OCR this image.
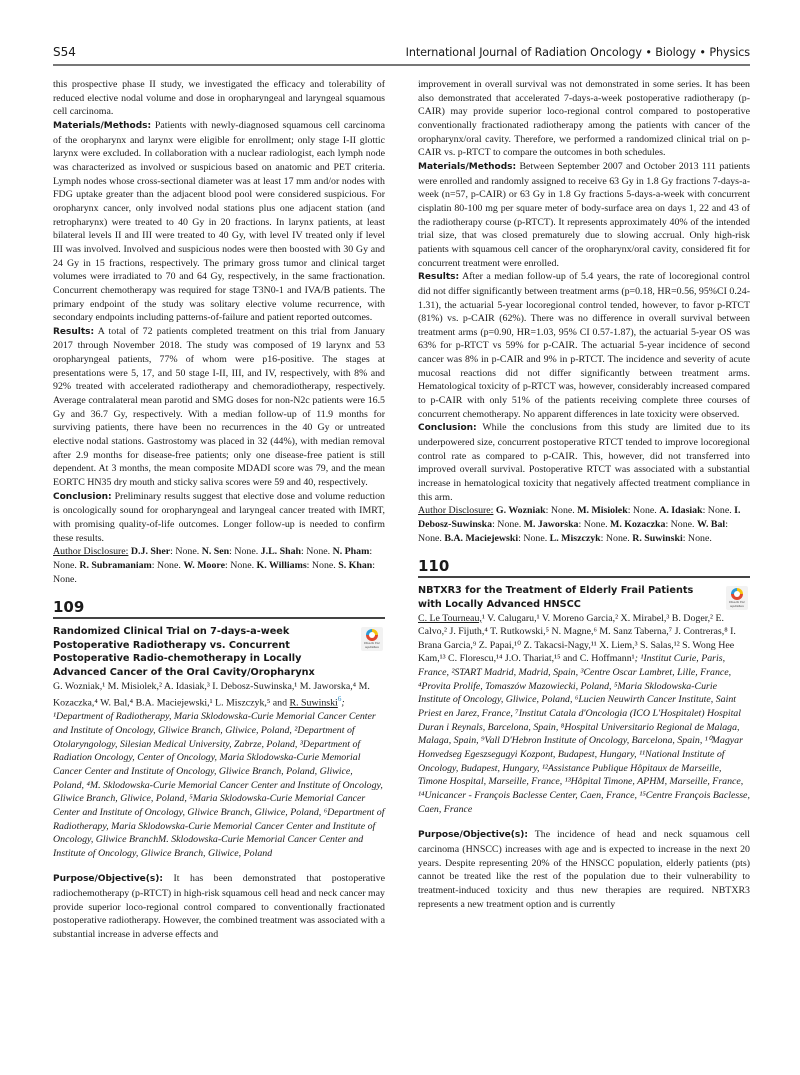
S54	International Journal of Radiation Oncology • Biology • Physics

this prospective phase II study, we investigated the efficacy and tolerability of reduced elective nodal volume and dose in oropharyngeal and laryngeal squamous cell carcinoma.

Materials/Methods: Patients with newly-diagnosed squamous cell carcinoma of the oropharynx and larynx were eligible for enrollment; only stage I-II glottic larynx were excluded. In collaboration with a nuclear radiologist, each lymph node was characterized as involved or suspicious based on anatomic and PET criteria. Lymph nodes whose cross-sectional diameter was at least 17 mm and/or nodes with FDG uptake greater than the adjacent blood pool were considered suspicious. For oropharynx cancer, only involved nodal stations plus one adjacent station (and retropharynx) were treated to 40 Gy in 20 fractions. In larynx patients, at least bilateral levels II and III were treated to 40 Gy, with level IV treated only if level III was involved. Involved and suspicious nodes were then boosted with 30 Gy and 24 Gy in 15 fractions, respectively. The primary gross tumor and clinical target volumes were irradiated to 70 and 64 Gy, respectively, in the same fractionation. Concurrent chemotherapy was required for stage T3N0-1 and IVA/B patients. The primary endpoint of the study was solitary elective volume recurrence, with secondary endpoints including patterns-of-failure and patient reported outcomes.

Results: A total of 72 patients completed treatment on this trial from January 2017 through November 2018. The study was composed of 19 larynx and 53 oropharyngeal patients, 77% of whom were p16-positive. The stages at presentations were 5, 17, and 50 stage I-II, III, and IV, respectively, with 8% and 92% treated with accelerated radiotherapy and chemoradiotherapy, respectively. Average contralateral mean parotid and SMG doses for non-N2c patients were 16.5 Gy and 36.7 Gy, respectively. With a median follow-up of 11.9 months for surviving patients, there have been no recurrences in the 40 Gy or untreated elective nodal stations. Gastrostomy was placed in 32 (44%), with median removal after 2.9 months for disease-free patients; only one disease-free patient is still dependent. At 3 months, the mean composite MDADI score was 79, and the mean EORTC HN35 dry mouth and sticky saliva scores were 59 and 40, respectively.

Conclusion: Preliminary results suggest that elective dose and volume reduction is oncologically sound for oropharyngeal and laryngeal cancer treated with IMRT, with promising quality-of-life outcomes. Longer follow-up is needed to confirm these results.

Author Disclosure: D.J. Sher: None. N. Sen: None. J.L. Shah: None. N. Pham: None. R. Subramaniam: None. W. Moore: None. K. Williams: None. S. Khan: None.

109
Randomized Clinical Trial on 7-days-a-week Postoperative Radiotherapy vs. Concurrent Postoperative Radio-chemotherapy in Locally Advanced Cancer of the Oral Cavity/Oropharynx
Check for updates

G. Wozniak,¹ M. Misiolek,² A. Idasiak,³ I. Debosz-Suwinska,¹ M. Jaworska,⁴ M. Kozaczka,⁴ W. Bal,⁴ B.A. Maciejewski,¹ L. Miszczyk,⁵ and R. Suwinski$^6$; ¹Department of Radiotherapy, Maria Sklodowska-Curie Memorial Cancer Center and Institute of Oncology, Gliwice Branch, Gliwice, Poland, ²Department of Otolaryngology, Silesian Medical University, Zabrze, Poland, ³Department of Radiation Oncology, Center of Oncology, Maria Sklodowska-Curie Memorial Cancer Center and Institute of Oncology, Gliwice Branch, Poland, Gliwice, Poland, ⁴M. Sklodowska-Curie Memorial Cancer Center and Institute of Oncology, Gliwice Branch, Gliwice, Poland, ⁵Maria Sklodowska-Curie Memorial Cancer Center and Institute of Oncology, Gliwice Branch, Gliwice, Poland, ⁶Department of Radiotherapy, Maria Sklodowska-Curie Memorial Cancer Center and Institute of Oncology, Gliwice BranchM. Sklodowska-Curie Memorial Cancer Center and Institute of Oncology, Gliwice Branch, Gliwice, Poland

Purpose/Objective(s): It has been demonstrated that postoperative radiochemotherapy (p-RTCT) in high-risk squamous cell head and neck cancer may provide superior loco-regional control compared to conventionally fractionated postoperative radiotherapy. However, the combined treatment was associated with a substantial increase in adverse effects and

improvement in overall survival was not demonstrated in some series. It has been also demonstrated that accelerated 7-days-a-week postoperative radiotherapy (p-CAIR) may provide superior loco-regional control compared to postoperative conventionally fractionated radiotherapy among the patients with cancer of the oropharynx/oral cavity. Therefore, we performed a randomized clinical trial on p-CAIR vs. p-RTCT to compare the outcomes in both schedules.

Materials/Methods: Between September 2007 and October 2013 111 patients were enrolled and randomly assigned to receive 63 Gy in 1.8 Gy fractions 7-days-a-week (n=57, p-CAIR) or 63 Gy in 1.8 Gy fractions 5-days-a-week with concurrent cisplatin 80-100 mg per square meter of body-surface area on days 1, 22 and 43 of the radiotherapy course (p-RTCT). It represents approximately 40% of the intended trial size, that was closed prematurely due to slowing accrual. Only high-risk patients with squamous cell cancer of the oropharynx/oral cavity, considered fit for concurrent treatment were enrolled.

Results: After a median follow-up of 5.4 years, the rate of locoregional control did not differ significantly between treatment arms (p=0.18, HR=0.56, 95%CI 0.24-1.31), the actuarial 5-year locoregional control tended, however, to favor p-RTCT (81%) vs. p-CAIR (62%). There was no difference in overall survival between treatment arms (p=0.90, HR=1.03, 95% CI 0.57-1.87), the actuarial 5-year OS was 63% for p-RTCT vs 59% for p-CAIR. The actuarial 5-year incidence of second cancer was 8% in p-CAIR and 9% in p-RTCT. The incidence and severity of acute mucosal reactions did not differ significantly between treatment arms. Hematological toxicity of p-RTCT was, however, considerably increased compared to p-CAIR with only 51% of the patients receiving complete three courses of concurrent chemotherapy. No apparent differences in late toxicity were observed.

Conclusion: While the conclusions from this study are limited due to its underpowered size, concurrent postoperative RTCT tended to improve locoregional control rate as compared to p-CAIR. This, however, did not transferred into improved overall survival. Postoperative RTCT was associated with a substantial increase in hematological toxicity that negatively affected treatment compliance in this arm.

Author Disclosure: G. Wozniak: None. M. Misiolek: None. A. Idasiak: None. I. Debosz-Suwinska: None. M. Jaworska: None. M. Kozaczka: None. W. Bal: None. B.A. Maciejewski: None. L. Miszczyk: None. R. Suwinski: None.

110
NBTXR3 for the Treatment of Elderly Frail Patients with Locally Advanced HNSCC	Check for updates

C. Le Tourneau,¹ V. Calugaru,¹ V. Moreno Garcia,² X. Mirabel,³ B. Doger,² E. Calvo,² J. Fijuth,⁴ T. Rutkowski,⁵ N. Magne,⁶ M. Sanz Taberna,⁷ J. Contreras,⁸ I. Brana Garcia,⁹ Z. Papai,¹⁰ Z. Takacsi-Nagy,¹¹ X. Liem,³ S. Salas,¹² S. Wong Hee Kam,¹³ C. Florescu,¹⁴ J.O. Thariat,¹⁵ and C. Hoffmann¹; ¹Institut Curie, Paris, France, ²START Madrid, Madrid, Spain, ³Centre Oscar Lambret, Lille, France, ⁴Provita Prolife, Tomaszów Mazowiecki, Poland, ⁵Maria Sklodowska-Curie Institute of Oncology, Gliwice, Poland, ⁶Lucien Neuwirth Cancer Institute, Saint Priest en Jarez, France, ⁷Institut Catala d'Oncologia (ICO L'Hospitalet) Hospital Duran i Reynals, Barcelona, Spain, ⁸Hospital Universitario Regional de Malaga, Malaga, Spain, ⁹Vall D'Hebron Institute of Oncology, Barcelona, Spain, ¹⁰Magyar Honvedseg Egeszsegugyi Kozpont, Budapest, Hungary, ¹¹National Institute of Oncology, Budapest, Hungary, ¹²Assistance Publique Hôpitaux de Marseille, Timone Hospital, Marseille, France, ¹³Hôpital Timone, APHM, Marseille, France, ¹⁴Unicancer - François Baclesse Center, Caen, France, ¹⁵Centre François Baclesse, Caen, France

Purpose/Objective(s): The incidence of head and neck squamous cell carcinoma (HNSCC) increases with age and is expected to increase in the next 20 years. Despite representing 20% of the HNSCC population, elderly patients (pts) cannot be treated like the rest of the population due to their vulnerability to treatment-induced toxicity and thus new therapies are required. NBTXR3 represents a new treatment option and is currently
